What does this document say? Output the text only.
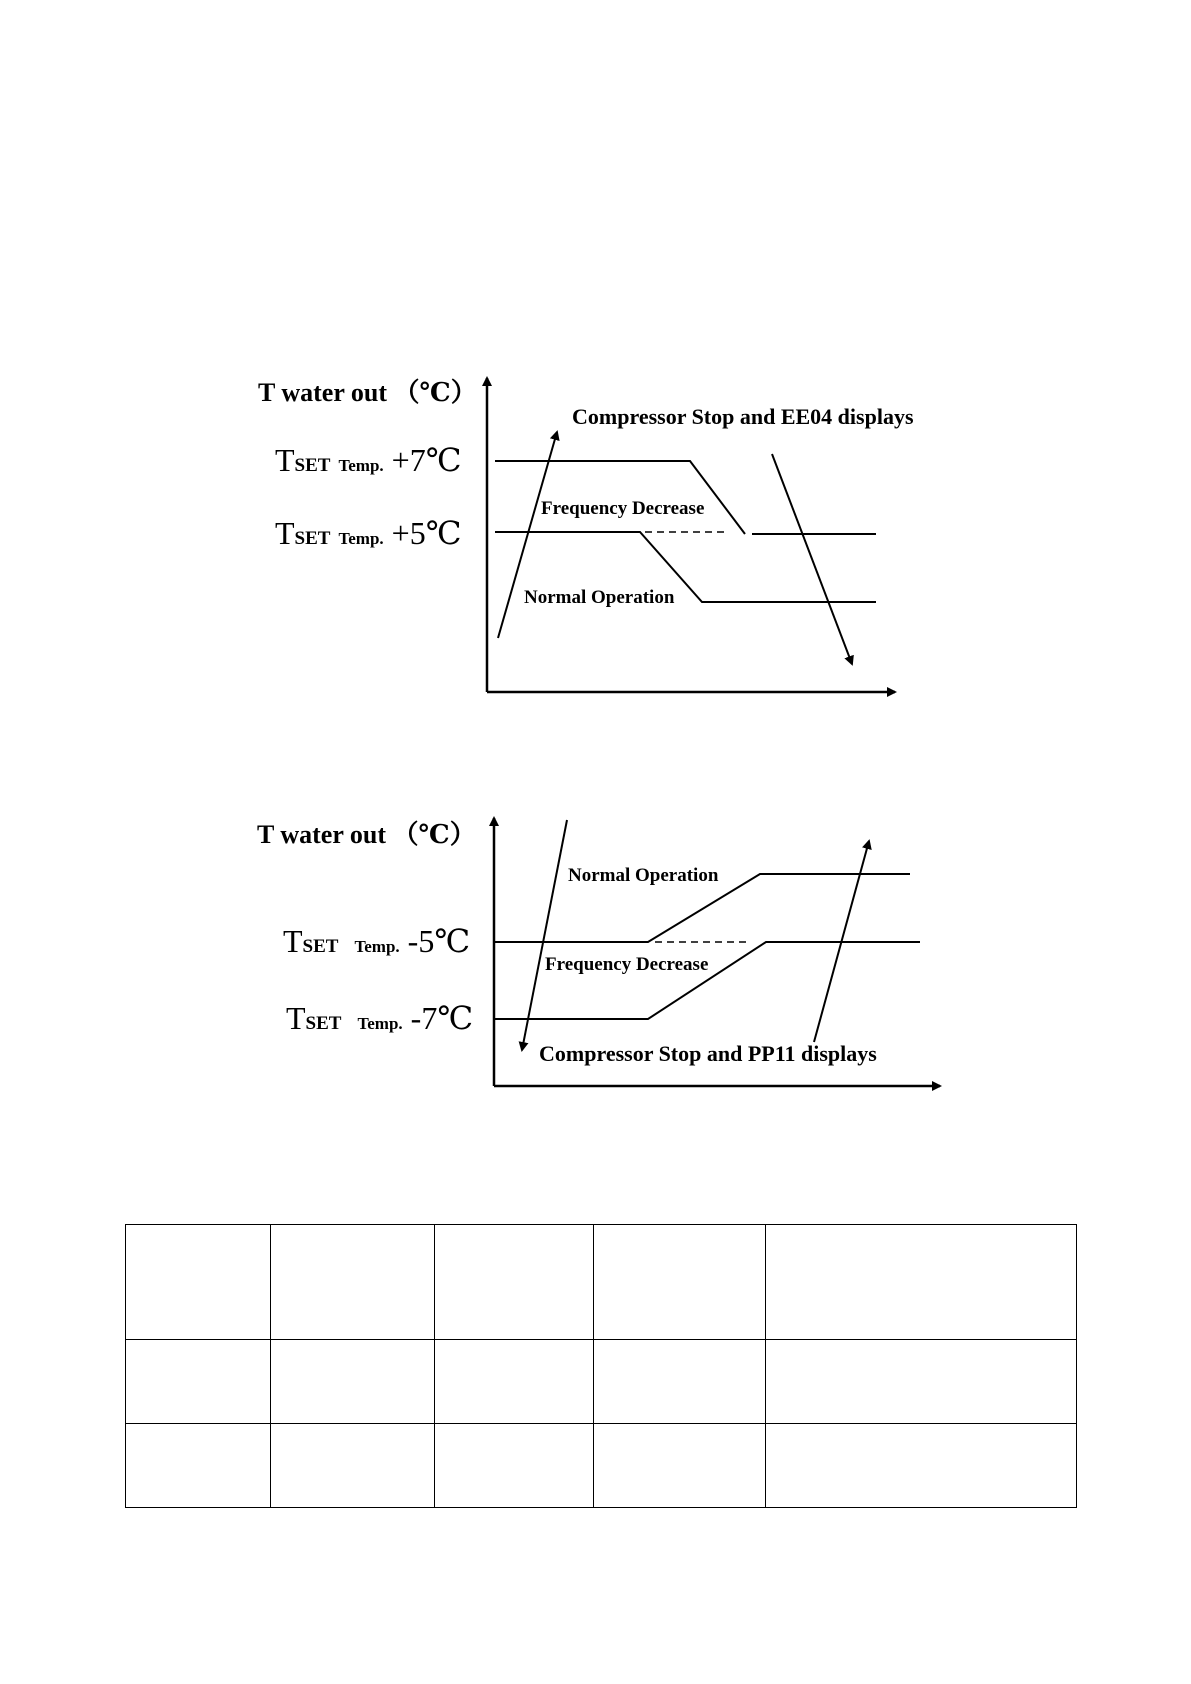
T water out （℃）
TSET Temp. +7℃
TSET Temp. +5℃
Compressor Stop and EE04 displays
Frequency Decrease
Normal Operation
T water out （℃）
TSET Temp. -5℃
TSET Temp. -7℃
Normal Operation
Frequency Decrease
Compressor Stop and PP11 displays
